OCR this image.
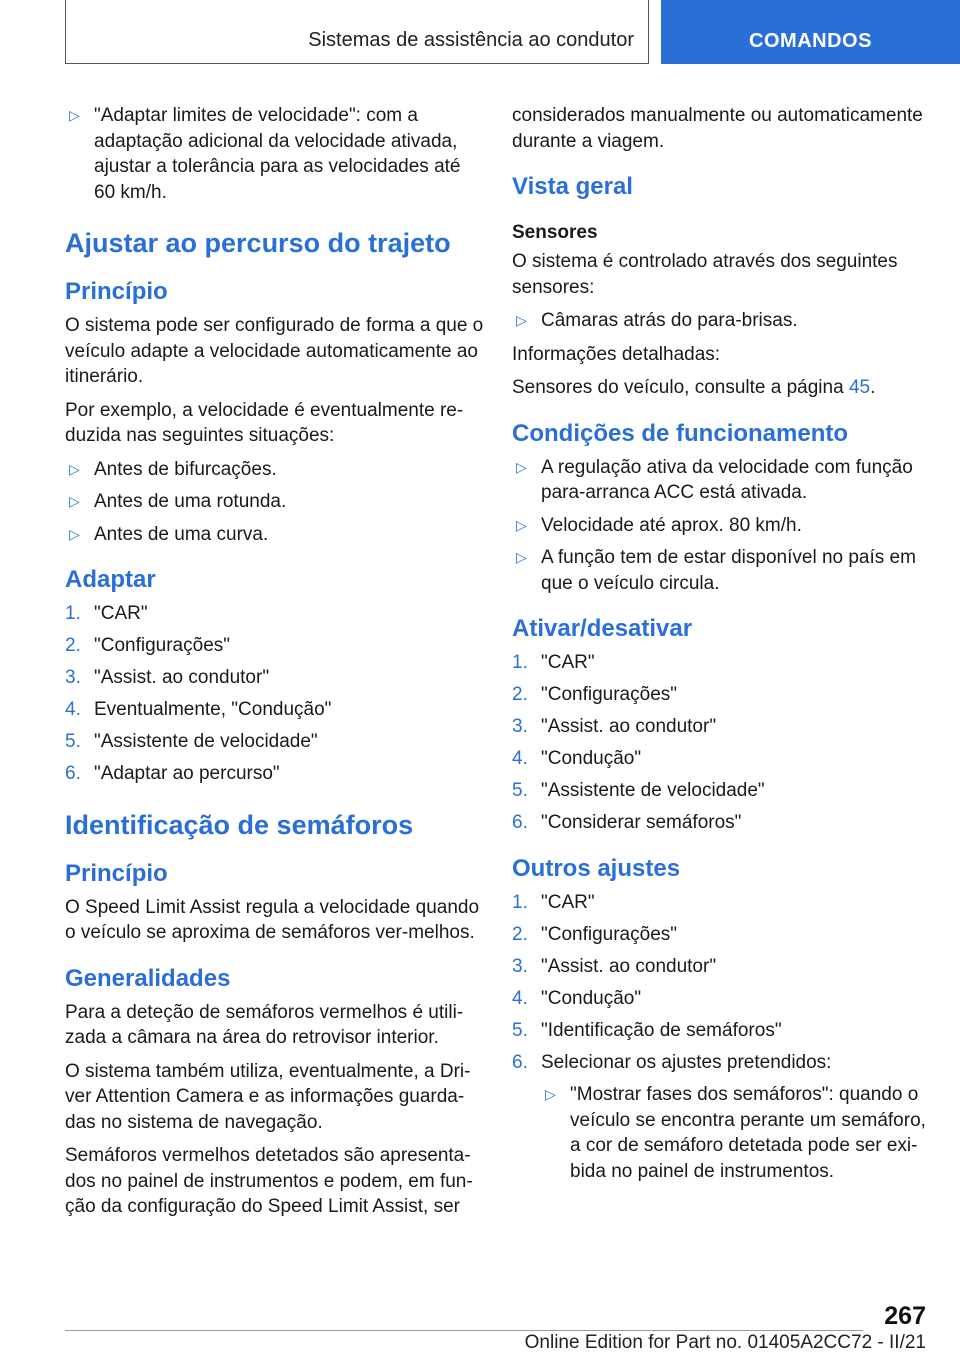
Sistemas de assistência ao condutor	COMANDOS
▷ "Adaptar limites de velocidade": com a adaptação adicional da velocidade ativada, ajustar a tolerância para as velocidades até 60 km/h.
Ajustar ao percurso do trajeto
Princípio

O sistema pode ser configurado de forma a que o veículo adapte a velocidade automaticamente ao itinerário.

Por exemplo, a velocidade é eventualmente re-duzida nas seguintes situações:

▷ Antes de bifurcações.
▷ Antes de uma rotunda.
▷ Antes de uma curva.
Adaptar
1. "CAR"
2. "Configurações"
3. "Assist. ao condutor"
4. Eventualmente, "Condução"
5. "Assistente de velocidade"
6. "Adaptar ao percurso"
Identificação de semáforos
Princípio

O Speed Limit Assist regula a velocidade quando o veículo se aproxima de semáforos ver-melhos.

Generalidades

Para a deteção de semáforos vermelhos é utili-zada a câmara na área do retrovisor interior.

O sistema também utiliza, eventualmente, a Dri-ver Attention Camera e as informações guarda-das no sistema de navegação.

Semáforos vermelhos detetados são apresenta-dos no painel de instrumentos e podem, em fun-ção da configuração do Speed Limit Assist, ser

considerados manualmente ou automaticamente durante a viagem.

Vista geral
Sensores

O sistema é controlado através dos seguintes sensores:

▷ Câmaras atrás do para-brisas.

Informações detalhadas:

Sensores do veículo, consulte a página 45.

Condições de funcionamento
▷ A regulação ativa da velocidade com função para-arranca ACC está ativada.
▷ Velocidade até aprox. 80 km/h.
▷ A função tem de estar disponível no país em que o veículo circula.
Ativar/desativar
1. "CAR"
2. "Configurações"
3. "Assist. ao condutor"
4. "Condução"
5. "Assistente de velocidade"
6. "Considerar semáforos"
Outros ajustes
1. "CAR"
2. "Configurações"
3. "Assist. ao condutor"
4. "Condução"
5. "Identificação de semáforos"
6. Selecionar os ajustes pretendidos:
▷ "Mostrar fases dos semáforos": quando o veículo se encontra perante um semáforo, a cor de semáforo detetada pode ser exi-bida no painel de instrumentos.
267
Online Edition for Part no. 01405A2CC72 - II/21
